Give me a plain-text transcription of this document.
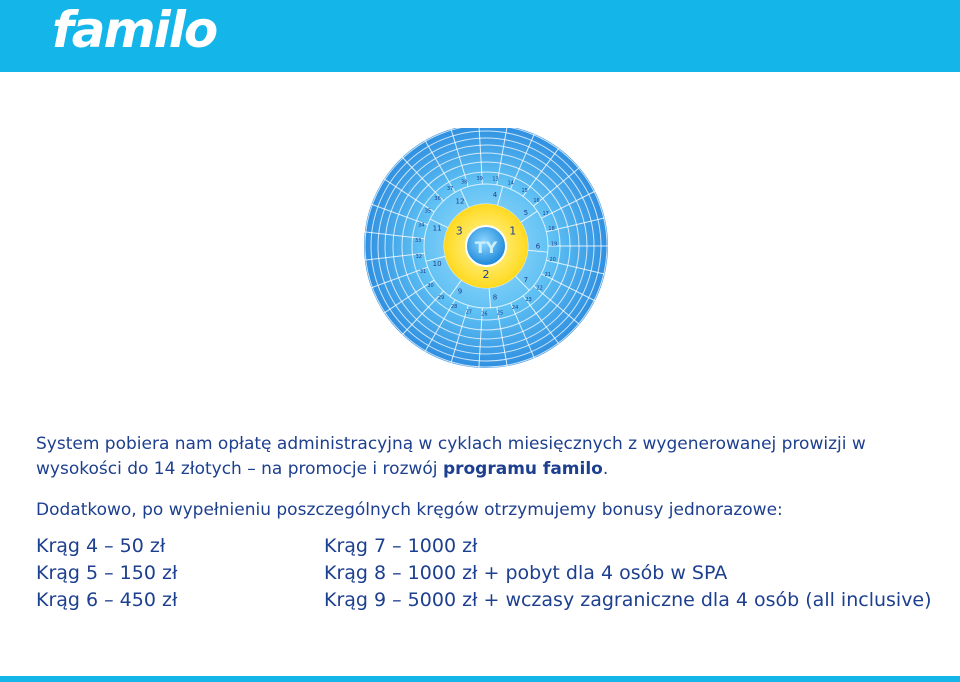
familo
TY
1
2
3
4
5
6
7
8
9
10
11
12
13
14
15
16
17
18
19
20
21
22
23
24
25
26
27
28
29
30
31
32
33
34
35
36
37
38
39

System pobiera nam opłatę administracyjną w cyklach miesięcznych z wygenerowanej prowizji w wysokości do 14 złotych – na promocje i rozwój programu familo.

Dodatkowo, po wypełnieniu poszczególnych kręgów otrzymujemy bonusy jednorazowe:

Krąg 4 – 50 zł
Krąg 5 – 150 zł
Krąg 6 – 450 zł
Krąg 7 – 1000 zł
Krąg 8 – 1000 zł + pobyt dla 4 osób w SPA
Krąg 9 – 5000 zł + wczasy zagraniczne dla 4 osób (all inclusive)
